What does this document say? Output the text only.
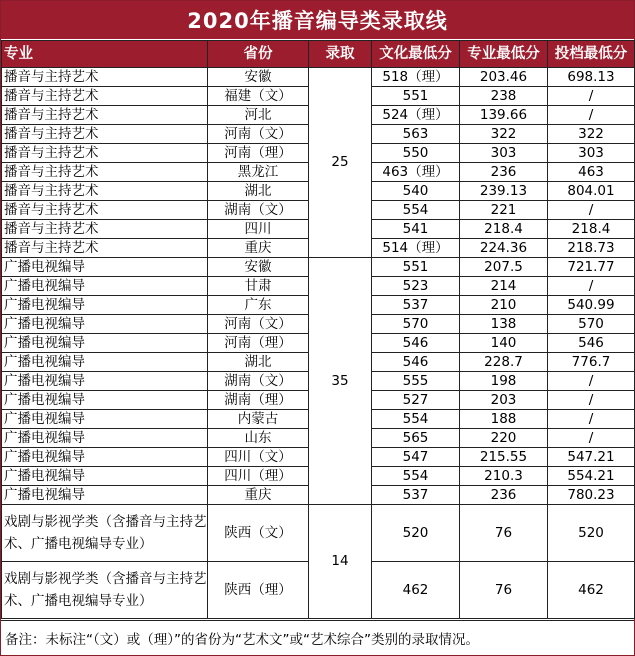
2020年播音编导类录取线
专业	省份	录取	文化最低分	专业最低分	投档最低分
播音与主持艺术	安徽	25	518（理）	203.46	698.13
播音与主持艺术	福建（文）		551	238	/
播音与主持艺术	河北		524（理）	139.66	/
播音与主持艺术	河南（文）		563	322	322
播音与主持艺术	河南（理）		550	303	303
播音与主持艺术	黑龙江		463（理）	236	463
播音与主持艺术	湖北		540	239.13	804.01
播音与主持艺术	湖南（文）		554	221	/
播音与主持艺术	四川		541	218.4	218.4
播音与主持艺术	重庆		514（理）	224.36	218.73
广播电视编导	安徽	35	551	207.5	721.77
广播电视编导	甘肃		523	214	/
广播电视编导	广东		537	210	540.99
广播电视编导	河南（文）		570	138	570
广播电视编导	河南（理）		546	140	546
广播电视编导	湖北		546	228.7	776.7
广播电视编导	湖南（文）		555	198	/
广播电视编导	湖南（理）		527	203	/
广播电视编导	内蒙古		554	188	/
广播电视编导	山东		565	220	/
广播电视编导	四川（文）		547	215.55	547.21
广播电视编导	四川（理）		554	210.3	554.21
广播电视编导	重庆		537	236	780.23
戏剧与影视学类（含播音与主持艺术、广播电视编导专业）	陕西（文）	14	520	76	520
戏剧与影视学类（含播音与主持艺术、广播电视编导专业）	陕西（理）		462	76	462
备注：未标注“（文）或（理）”的省份为“艺术文”或“艺术综合”类别的录取情况。
